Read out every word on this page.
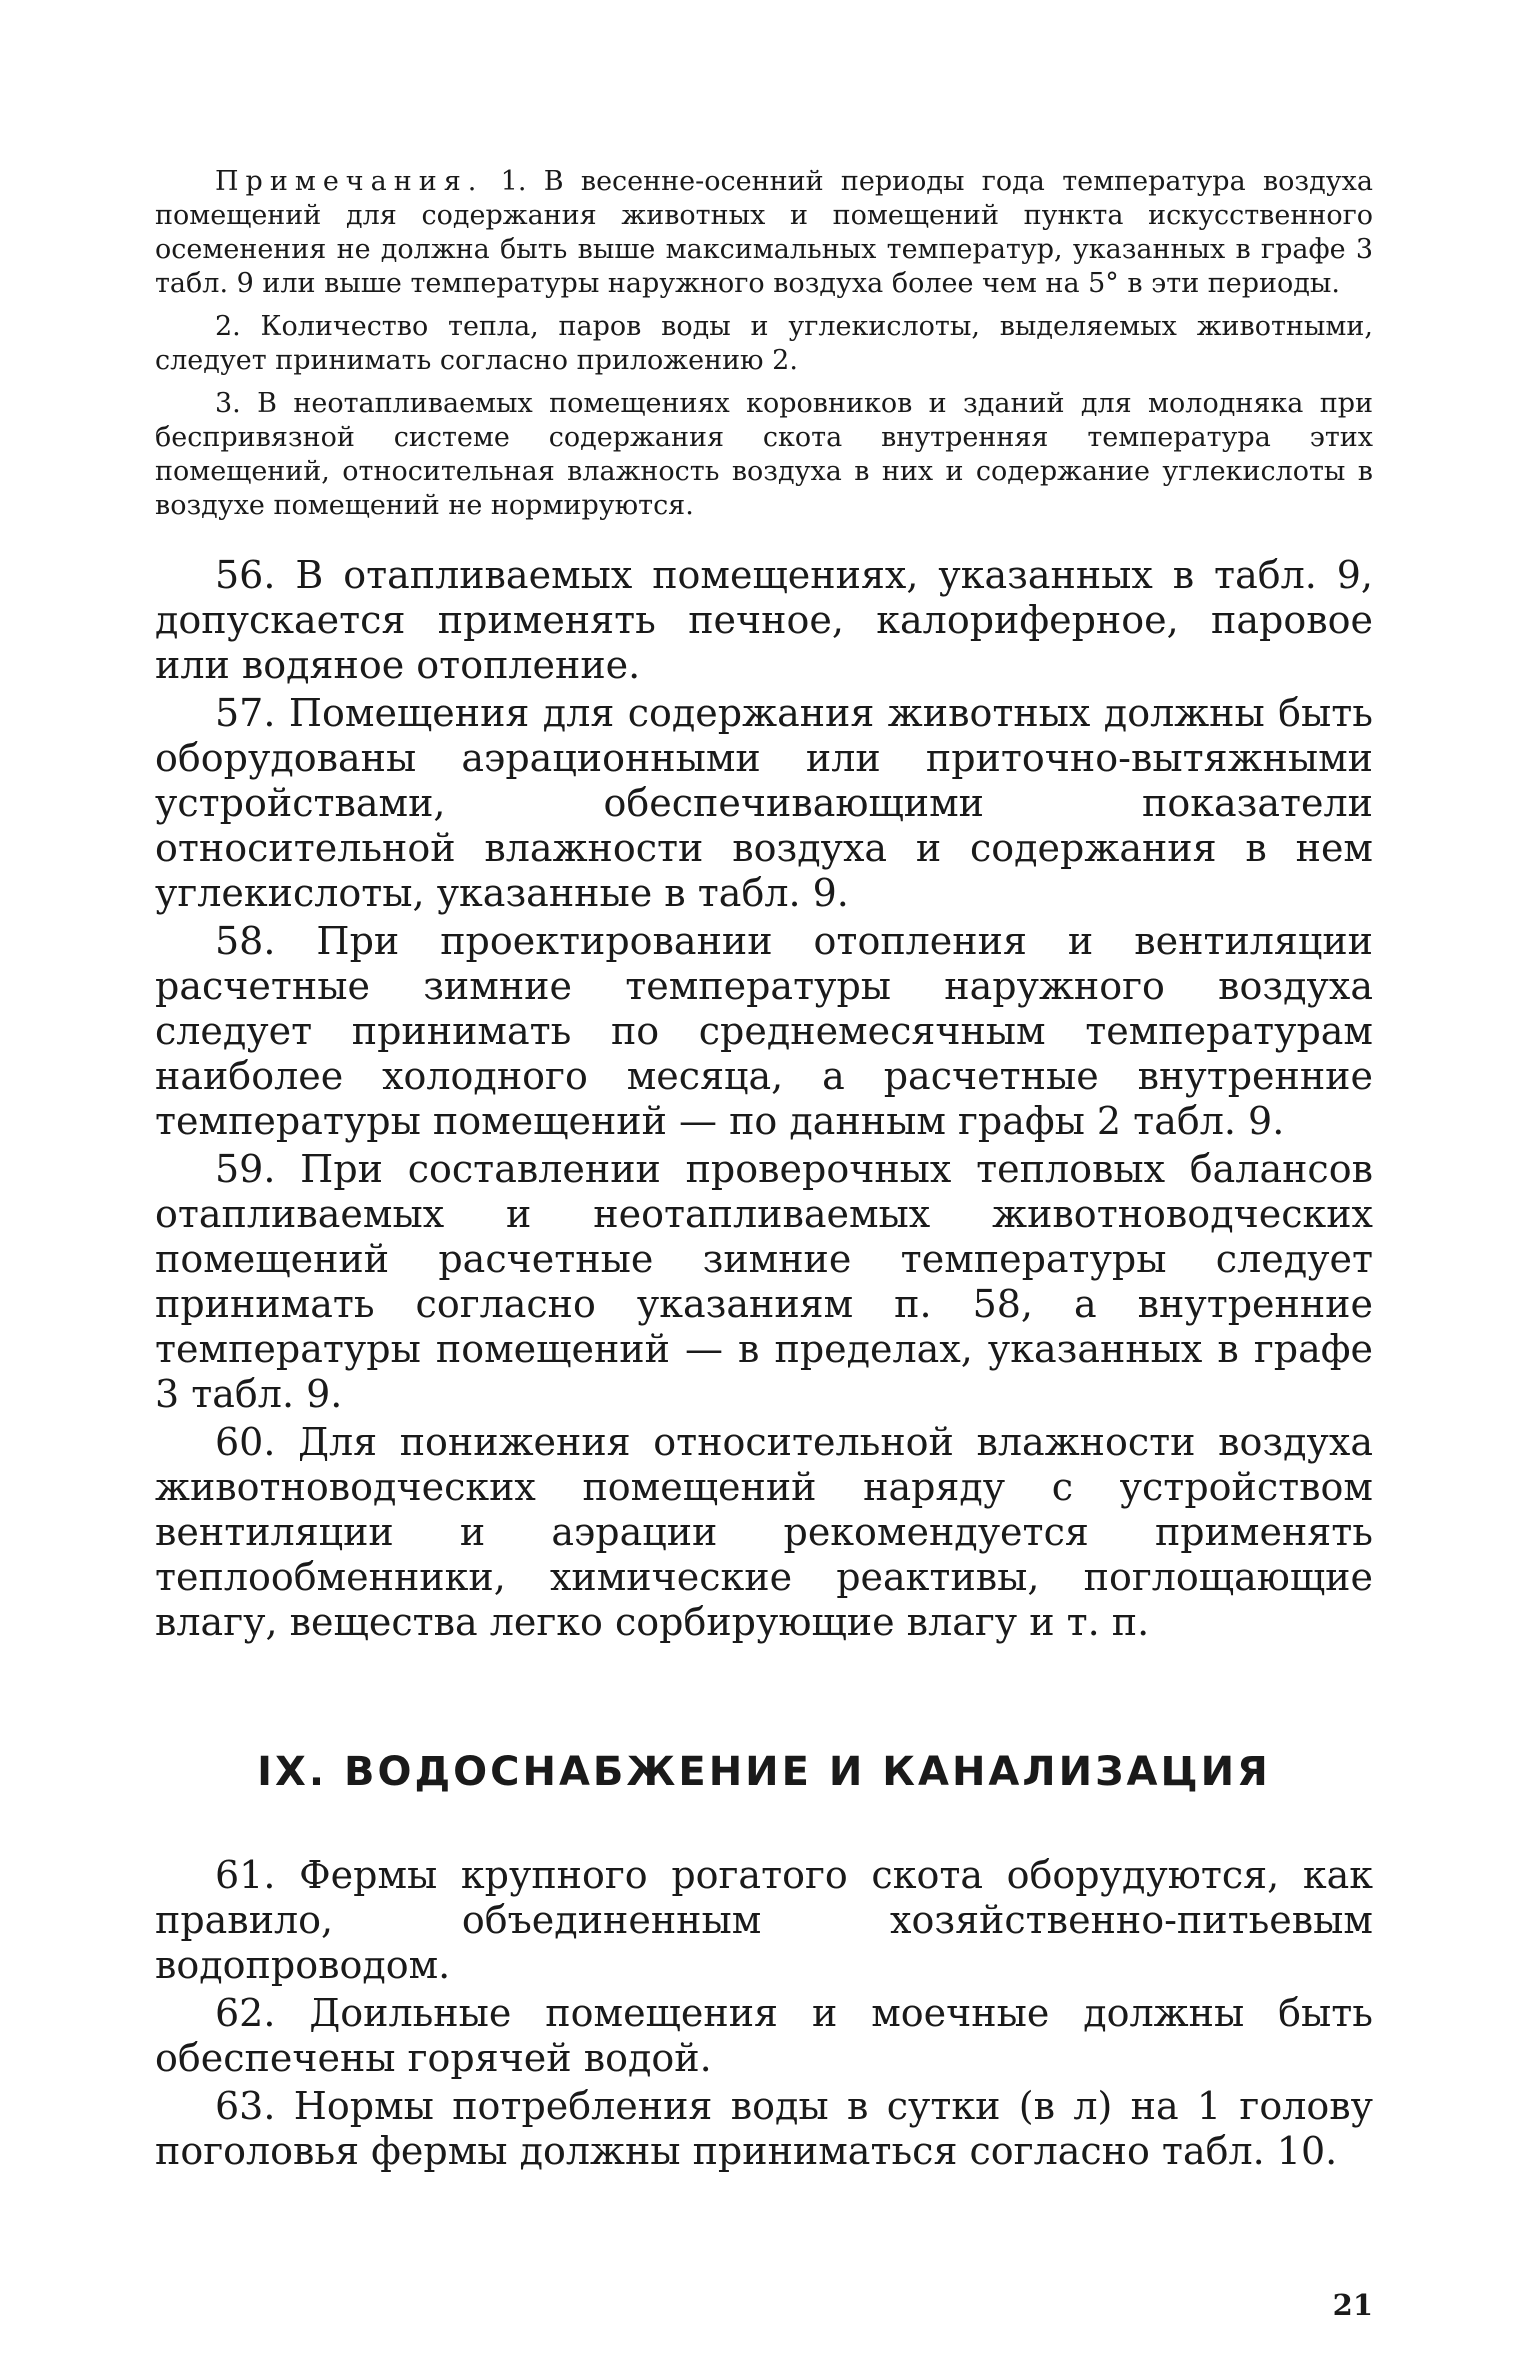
Примечания. 1. В весенне-осенний периоды года температура воздуха помещений для содержания животных и помещений пункта искусственного осеменения не должна быть выше максимальных температур, указанных в графе 3 табл. 9 или выше температуры наружного воздуха более чем на 5° в эти периоды.

2. Количество тепла, паров воды и углекислоты, выделяемых животными, следует принимать согласно приложению 2.

3. В неотапливаемых помещениях коровников и зданий для молодняка при беспривязной системе содержания скота внутренняя температура этих помещений, относительная влажность воздуха в них и содержание углекислоты в воздухе помещений не нормируются.

56. В отапливаемых помещениях, указанных в табл. 9, допускается применять печное, калориферное, паровое или водяное отопление.

57. Помещения для содержания животных должны быть оборудованы аэрационными или приточно-вытяжными устройствами, обеспечивающими показатели относительной влажности воздуха и содержания в нем углекислоты, указанные в табл. 9.

58. При проектировании отопления и вентиляции расчетные зимние температуры наружного воздуха следует принимать по среднемесячным температурам наиболее холодного месяца, а расчетные внутренние температуры помещений — по данным графы 2 табл. 9.

59. При составлении проверочных тепловых балансов отапливаемых и неотапливаемых животноводческих помещений расчетные зимние температуры следует принимать согласно указаниям п. 58, а внутренние температуры помещений — в пределах, указанных в графе 3 табл. 9.

60. Для понижения относительной влажности воздуха животноводческих помещений наряду с устройством вентиляции и аэрации рекомендуется применять теплообменники, химические реактивы, поглощающие влагу, вещества легко сорбирующие влагу и т. п.

IX. ВОДОСНАБЖЕНИЕ И КАНАЛИЗАЦИЯ

61. Фермы крупного рогатого скота оборудуются, как правило, объединенным хозяйственно-питьевым водопроводом.

62. Доильные помещения и моечные должны быть обеспечены горячей водой.

63. Нормы потребления воды в сутки (в л) на 1 голову поголовья фермы должны приниматься согласно табл. 10.

21
